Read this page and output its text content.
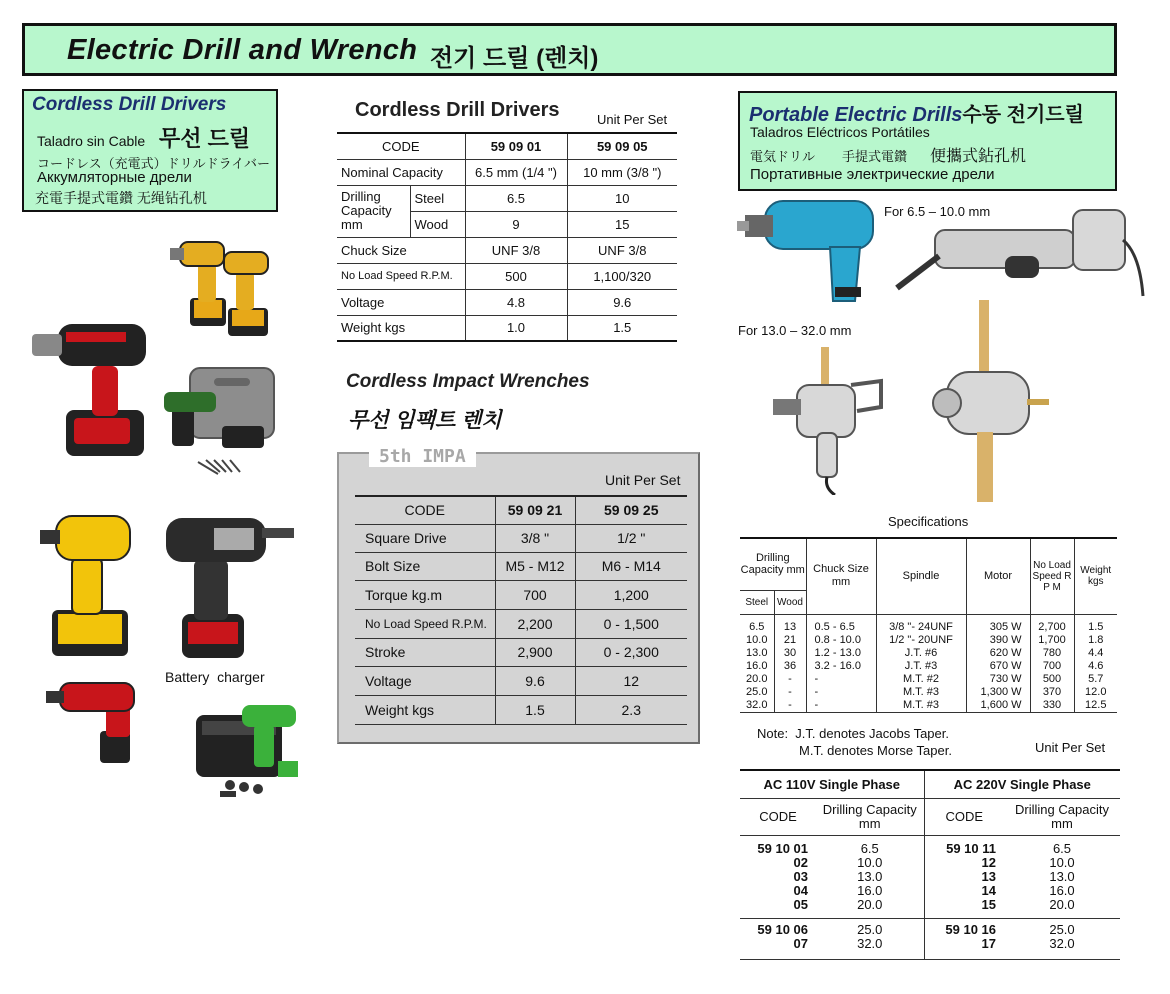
Electric Drill and Wrench 전기 드릴 (렌치)
Cordless Drill Drivers
Taladro sin Cable 무선 드릴
コードレス（充電式）ドリルドライバー
Аккумляторные дрели
充電手提式電鑽 无绳钻孔机
Battery  charger
Cordless Drill Drivers	Unit Per Set
CODE		59 09 01	59 09 05
Nominal Capacity		6.5 mm (1/4 ")	10 mm (3/8 ")
Drilling Capacity mm	Steel	6.5	10
	Wood	9	15
Chuck Size		UNF 3/8	UNF 3/8
No Load Speed R.P.M.		500	1,100/320
Voltage		4.8	9.6
Weight kgs		1.0	1.5
Cordless Impact Wrenches
무선 임팩트 렌치
5th IMPA
Unit Per Set
CODE	59 09 21	59 09 25
Square Drive	3/8 "	1/2 "
Bolt Size	M5 - M12	M6 - M14
Torque kg.m	700	1,200
No Load Speed R.P.M.	2,200	0 - 1,500
Stroke	2,900	0 - 2,300
Voltage	9.6	12
Weight kgs	1.5	2.3
Portable Electric Drills수동 전기드릴
Taladros Eléctricos Portátiles
電気ドリル 手提式電鑽 便攜式鉆孔机
Портативные электрические дрели
For 6.5 – 10.0 mm
For 13.0 – 32.0 mm
Specifications
Drilling Capacity mm		Chuck Size mm	Spindle	Motor	No Load Speed R P M	Weight kgs
Steel	Wood					
6.5	13	0.5 - 6.5	3/8 "- 24UNF	305 W	2,700	1.5
10.0	21	0.8 - 10.0	1/2 "- 20UNF	390 W	1,700	1.8
13.0	30	1.2 - 13.0	J.T. #6	620 W	780	4.4
16.0	36	3.2 - 16.0	J.T. #3	670 W	700	4.6
20.0	-	-	M.T. #2	730 W	500	5.7
25.0	-	-	M.T. #3	1,300 W	370	12.0
32.0	-	-	M.T. #3	1,600 W	330	12.5
Note:  J.T. denotes Jacobs Taper.
M.T. denotes Morse Taper.	Unit Per Set
AC 110V Single Phase		AC 220V Single Phase	
CODE	Drilling Capacity mm	CODE	Drilling Capacity mm
59 10 01	6.5	59 10 11	6.5
02	10.0	12	10.0
03	13.0	13	13.0
04	16.0	14	16.0
05	20.0	15	20.0
59 10 06	25.0	59 10 16	25.0
07	32.0	17	32.0
